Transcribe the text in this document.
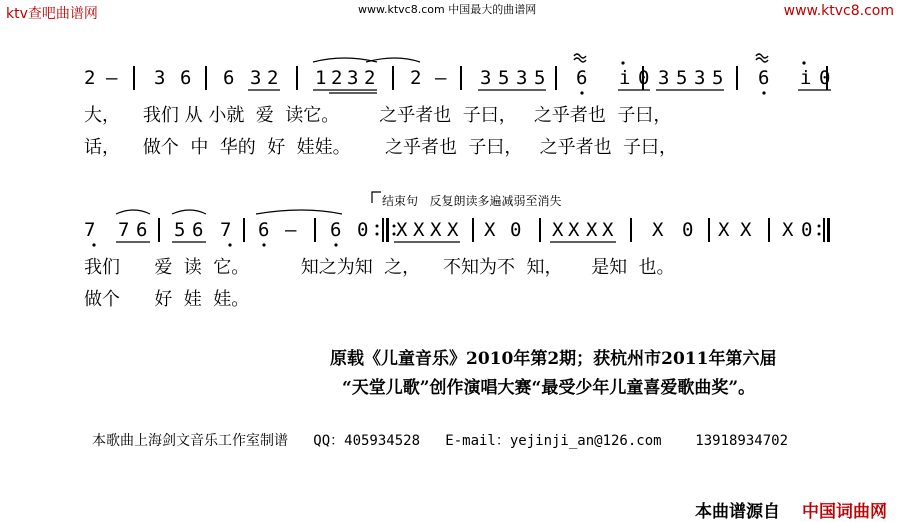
ktv查吧曲谱网	www.ktvc8.com 中国最大的曲谱网	www.ktvc8.com
2 – 3 6 6 3 2 1 2 3 2 2 – 3 5 3 5 6 i 0 3 5 3 5 6 i 0
大，    我们 从 小就  爱  读它。       之乎者也  子曰，   之乎者也  子曰，
话，    做个  中  华的  好  娃娃。      之乎者也  子曰，   之乎者也  子曰，
结束句   反复朗读多遍减弱至消失
7 7 6 5 6 7 6 – 6 0 X X X X X 0 X X X X X 0 X X X 0
我们      爱  读  它。         知之为知  之，    不知为不  知，     是知  也。
做个      好  娃  娃。
原载《儿童音乐》2010年第2期；获杭州市2011年第六届
“天堂儿歌”创作演唱大赛“最受少年儿童喜爱歌曲奖”。
本歌曲上海剑文音乐工作室制谱   QQ：405934528   E-mail：yejinji_an@126.com    13918934702
本曲谱源自 中国词曲网
